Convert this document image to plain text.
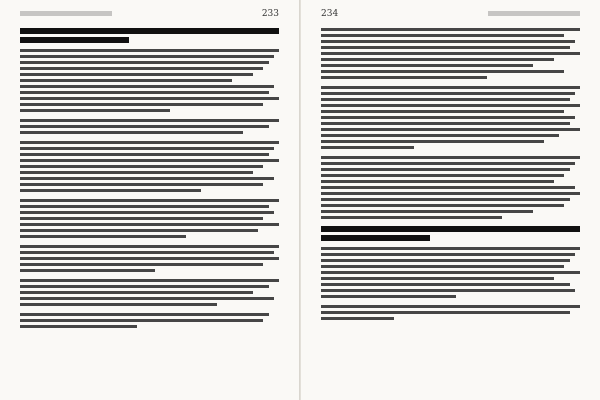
233	234
